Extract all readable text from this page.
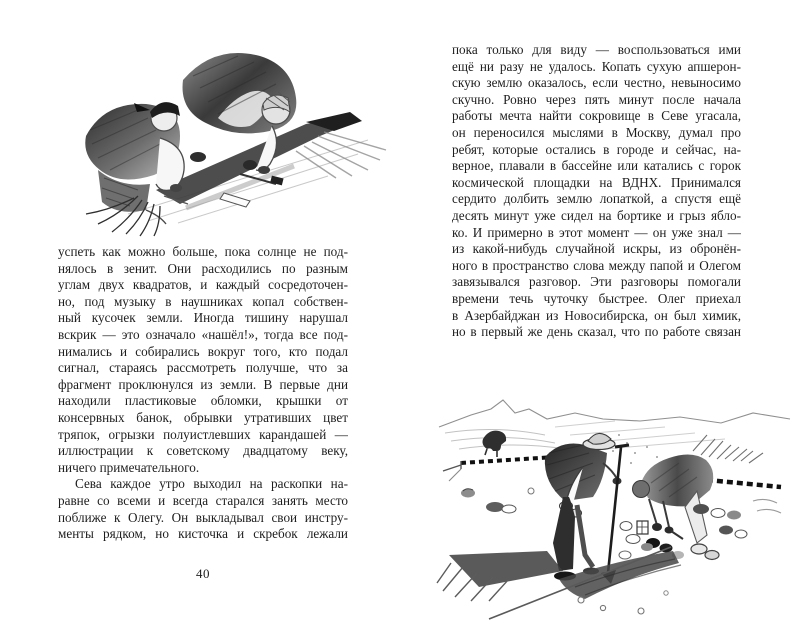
успеть как можно больше, пока солнце не под-
нялось в зенит. Они расходились по разным
углам двух квадратов, и каждый сосредоточен-
но, под музыку в наушниках копал собствен-
ный кусочек земли. Иногда тишину нарушал
вскрик — это означало «нашёл!», тогда все под-
нимались и собирались вокруг того, кто подал
сигнал, стараясь рассмотреть получше, что за
фрагмент проклюнулся из земли. В первые дни
находили пластиковые обломки, крышки от
консервных банок, обрывки утративших цвет
тряпок, огрызки полуистлевших карандашей —
иллюстрации к советскому двадцатому веку,
ничего примечательного.
Сева каждое утро выходил на раскопки на-
равне со всеми и всегда старался занять место
поближе к Олегу. Он выкладывал свои инстру-
менты рядком, но кисточка и скребок лежали
40
пока только для виду — воспользоваться ими
ещё ни разу не удалось. Копать сухую апшерон-
скую землю оказалось, если честно, невыносимо
скучно. Ровно через пять минут после начала
работы мечта найти сокровище в Севе угасала,
он переносился мыслями в Москву, думал про
ребят, которые остались в городе и сейчас, на-
верное, плавали в бассейне или катались с горок
космической площадки на ВДНХ. Принимался
сердито долбить землю лопаткой, а спустя ещё
десять минут уже сидел на бортике и грыз ябло-
ко. И примерно в этот момент — он уже знал —
из какой-нибудь случайной искры, из обронён-
ного в пространство слова между папой и Олегом
завязывался разговор. Эти разговоры помогали
времени течь чуточку быстрее. Олег приехал
в Азербайджан из Новосибирска, он был химик,
но в первый же день сказал, что по работе связан
